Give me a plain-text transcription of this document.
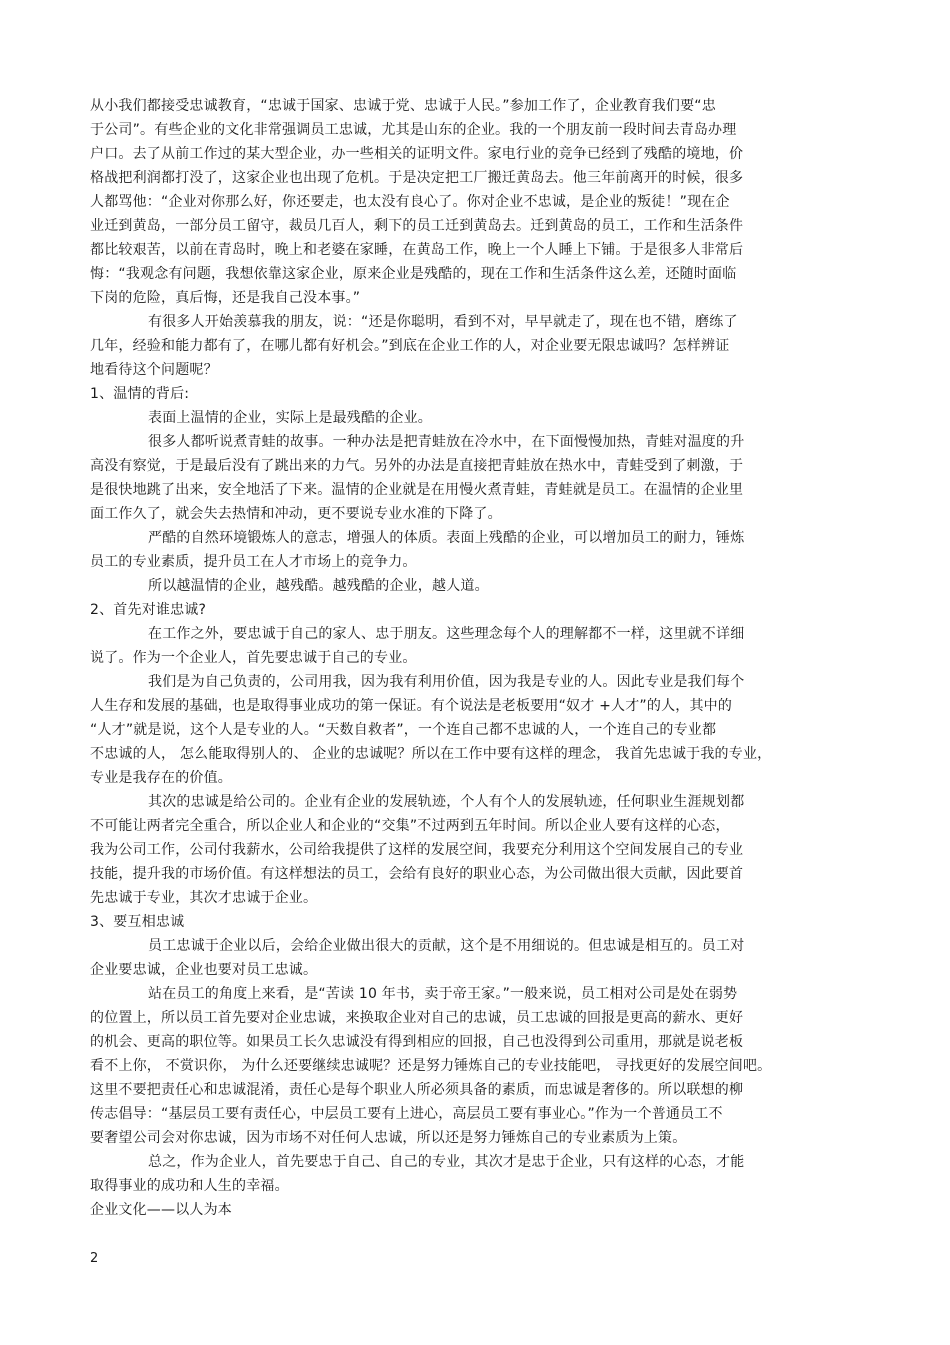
从小我们都接受忠诚教育，“忠诚于国家、忠诚于党、忠诚于人民。”参加工作了，企业教育我们要“忠
于公司”。有些企业的文化非常强调员工忠诚，尤其是山东的企业。我的一个朋友前一段时间去青岛办理
户口。去了从前工作过的某大型企业，办一些相关的证明文件。家电行业的竞争已经到了残酷的境地，价
格战把利润都打没了，这家企业也出现了危机。于是决定把工厂搬迁黄岛去。他三年前离开的时候，很多
人都骂他：“企业对你那么好，你还要走，也太没有良心了。你对企业不忠诚，是企业的叛徒！”现在企
业迁到黄岛，一部分员工留守，裁员几百人，剩下的员工迁到黄岛去。迁到黄岛的员工，工作和生活条件
都比较艰苦，以前在青岛时，晚上和老婆在家睡，在黄岛工作，晚上一个人睡上下铺。于是很多人非常后
悔：“我观念有问题，我想依靠这家企业，原来企业是残酷的，现在工作和生活条件这么差，还随时面临
下岗的危险，真后悔，还是我自己没本事。”
有很多人开始羡慕我的朋友，说：“还是你聪明，看到不对，早早就走了，现在也不错，磨练了
几年，经验和能力都有了，在哪儿都有好机会。”到底在企业工作的人，对企业要无限忠诚吗？怎样辨证
地看待这个问题呢？
1、温情的背后:
表面上温情的企业，实际上是最残酷的企业。
很多人都听说煮青蛙的故事。一种办法是把青蛙放在冷水中，在下面慢慢加热，青蛙对温度的升
高没有察觉，于是最后没有了跳出来的力气。另外的办法是直接把青蛙放在热水中，青蛙受到了刺激，于
是很快地跳了出来，安全地活了下来。温情的企业就是在用慢火煮青蛙，青蛙就是员工。在温情的企业里
面工作久了，就会失去热情和冲动，更不要说专业水准的下降了。
严酷的自然环境锻炼人的意志，增强人的体质。表面上残酷的企业，可以增加员工的耐力，锤炼
员工的专业素质，提升员工在人才市场上的竞争力。
所以越温情的企业，越残酷。越残酷的企业，越人道。
2、首先对谁忠诚?
在工作之外，要忠诚于自己的家人、忠于朋友。这些理念每个人的理解都不一样，这里就不详细
说了。作为一个企业人，首先要忠诚于自己的专业。
我们是为自己负责的，公司用我，因为我有利用价值，因为我是专业的人。因此专业是我们每个
人生存和发展的基础，也是取得事业成功的第一保证。有个说法是老板要用“奴才 +人才”的人，其中的
“人才”就是说，这个人是专业的人。“天数自救者”，一个连自己都不忠诚的人，一个连自己的专业都
不忠诚的人， 怎么能取得别人的、 企业的忠诚呢？所以在工作中要有这样的理念， 我首先忠诚于我的专业，
专业是我存在的价值。
其次的忠诚是给公司的。企业有企业的发展轨迹，个人有个人的发展轨迹，任何职业生涯规划都
不可能让两者完全重合，所以企业人和企业的“交集”不过两到五年时间。所以企业人要有这样的心态，
我为公司工作，公司付我薪水，公司给我提供了这样的发展空间，我要充分利用这个空间发展自己的专业
技能，提升我的市场价值。有这样想法的员工，会给有良好的职业心态，为公司做出很大贡献，因此要首
先忠诚于专业，其次才忠诚于企业。
3、要互相忠诚
员工忠诚于企业以后，会给企业做出很大的贡献，这个是不用细说的。但忠诚是相互的。员工对
企业要忠诚，企业也要对员工忠诚。
站在员工的角度上来看，是“苦读 10 年书，卖于帝王家。”一般来说，员工相对公司是处在弱势
的位置上，所以员工首先要对企业忠诚，来换取企业对自己的忠诚，员工忠诚的回报是更高的薪水、更好
的机会、更高的职位等。如果员工长久忠诚没有得到相应的回报，自己也没得到公司重用，那就是说老板
看不上你， 不赏识你， 为什么还要继续忠诚呢？还是努力锤炼自己的专业技能吧， 寻找更好的发展空间吧。
这里不要把责任心和忠诚混淆，责任心是每个职业人所必须具备的素质，而忠诚是奢侈的。所以联想的柳
传志倡导：“基层员工要有责任心，中层员工要有上进心，高层员工要有事业心。”作为一个普通员工不
要奢望公司会对你忠诚，因为市场不对任何人忠诚，所以还是努力锤炼自己的专业素质为上策。
总之，作为企业人，首先要忠于自己、自己的专业，其次才是忠于企业，只有这样的心态，才能
取得事业的成功和人生的幸福。
企业文化——以人为本
2
